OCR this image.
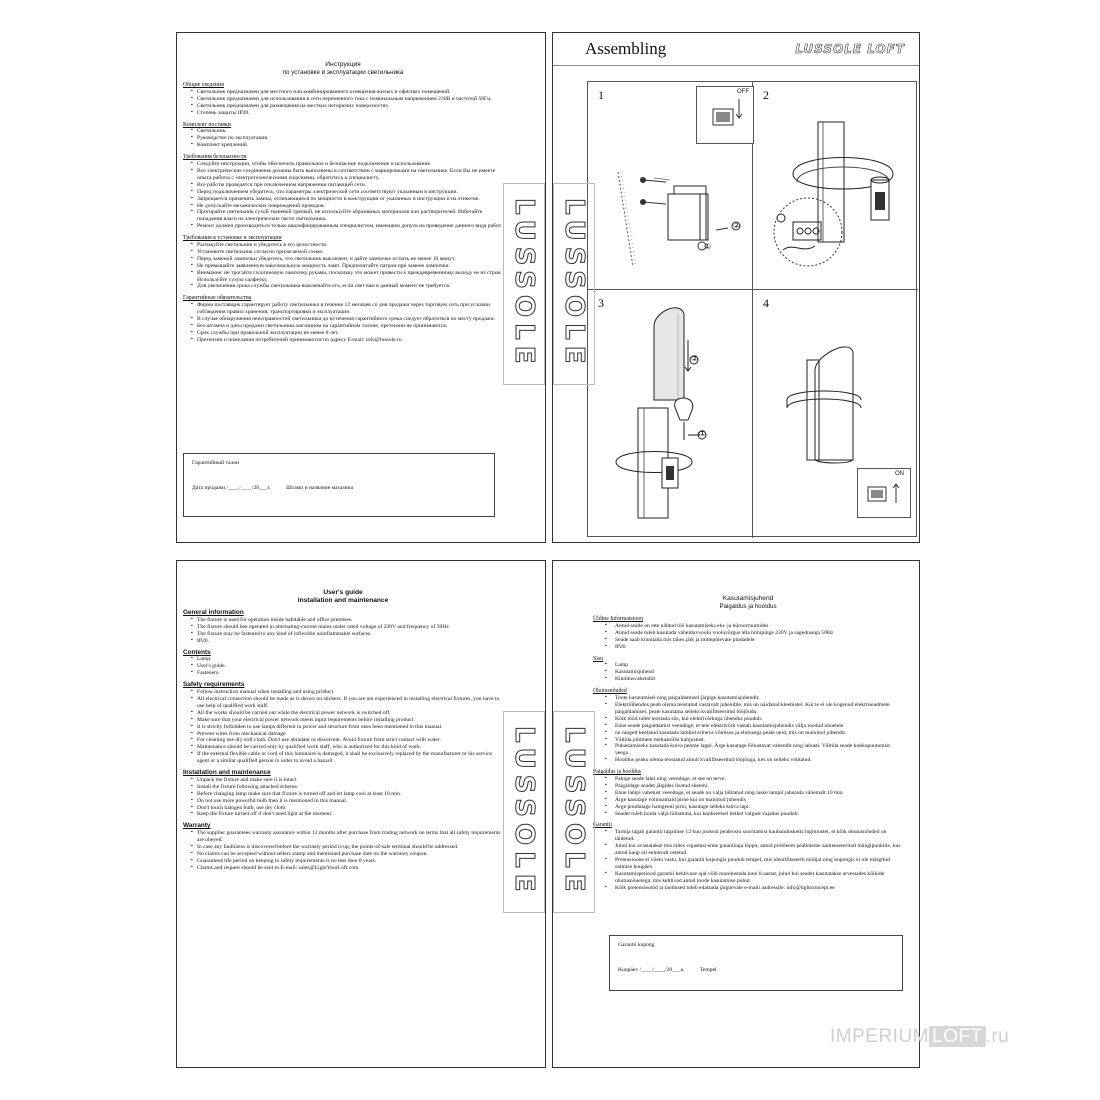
Инструкция
по установке и эксплуатации светильника
Общие сведения
▪ Светильник предназначен для местного или комбинированного освещения жилых и офисных помещений.
▪ Светильник предназначен для использования в сети переменного тока с номинальным напряжением 230В и частотой 50Гц.
▪ Светильник предназначен для размещения на жестких негорючих поверхностях.
▪ Степень защиты IP20.
Комплект поставки
▪ Светильник.
▪ Руководство по эксплуатации.
▪ Комплект креплений.
Требования безопасности
▪ Следуйте инструкции, чтобы обеспечить правильное и безопасное подключение и использование.
▪ Все электрические соединения должны быть выполнены в соответствии с маркировками на светильнике. Если Вы не имеете опыта работы с электротехническими изделиями, обратитесь к специалисту.
▪ Все работы проводятся при отключенном напряжении питающей сети.
▪ Перед подключением убедитесь, что параметры электрической сети соответствуют указанным в инструкции.
▪ Запрещается применять лампы, отличающиеся по мощности и конструкции от указанных в инструкции и на этикетке.
▪ Не допускайте механических повреждений проводов.
▪ Протирайте светильник сухой тканевой тряпкой, не используйте абразивных материалов или растворителей. Избегайте попадания влаги на электрические части светильника.
▪ Ремонт должен производиться только квалифицированным специалистом, имеющим допуск на проведение данного вида работ.
Требования к установке и эксплуатации
▪ Распакуйте светильник и убедитесь в его целостности.
▪ Установите светильник согласно прилагаемой схеме.
▪ Перед заменой лампочки убедитесь, что светильник выключен, и дайте лампочке остыть не менее 10 минут.
▪ Не превышайте заявленную максимальную мощность ламп. Предпочитайте патрон при замене лампочки.
▪ Внимание: не трогайте галогеновую лампочку руками, поскольку это может привести к преждевременному выходу ее из строя. Используйте сухую салфетку.
▪ Для увеличения срока службы светильника выключайте его, если свет вам в данный момент не требуется.
Гарантийные обязательства
▪ Фирма поставщик гарантирует работу светильника в течение 12 месяцев со дня продажи через торговую сеть при условии соблюдения правил хранения, транспортировки и эксплуатации.
▪ В случае обнаружения неисправностей светильника до истечения гарантийного срока следует обратиться по месту продажи.
▪ Без штампа и даты продажи светильника магазином на гарантийном талоне, претензии не принимаются.
▪ Срок службы при правильной эксплуатации не менее 8 лет.
▪ Претензии и пожелания потребителей принимаются по адресу E-mail: info@lussole.ru	LUSSOLE
Гарантийный талон
Дата продажи /____/____/20___г.	Штамп и название магазина
Assembling	LUSSOLE LOFT
1	OFF
②
①
2
3
②
①
4
ON
LUSSOLE
User's guide
Installation and maintenance
General information
▪ The fixture is used for operation inside habitable and office premises.
▪ The fixture should bee operated in alternating-current mains under rated voltage of 230V and frequency of 50Hz
▪ The fixture may be fastened to any kind of inflexible uninflammable surfaces.
▪ IP20.
Contents
▪ Lamp.
▪ User's guide.
▪ Fasteners.
Safety requirements
▪ Follow instruction manual when installing and using product.
▪ All electrical connection should be made as it shown on stickers. If you are not experienced in installing electrical fixtures, you have to use help of qualified work staff.
▪ All the works should be carried out while the electrical power network is switched off.
▪ Make sure that your electrical power network meets input requirements before installing product.
▪ It is strictly forbidden to use lamps different in power and structure from ones been mentioned in this manual.
▪ Prevent wires from mechanical damage.
▪ For cleaning use dry soft cloth. Don't use abradant or dissolvent. Avoid fixture from strict contact with water.
▪ Maintenance should be carried only by qualified work staff, who is authorized for this kind of work.
▪ If the external flexible cable or cord of this luminaire is damaged, it shall be exclusively replaced by the manufacturer or his service agent or a similar qualified person in order to avoid a hazard
Installation and maintenance
▪ Unpack the fixture and make sure it is intact.
▪ Install the fixture following attached scheme.
▪ Before changing lamp make sure that fixture is turned off and let lamp cool at least 10 min.
▪ Do not use more powerful bulb then it is mentioned in this manual.
▪ Don't touch halogen bulb, use dry cloth.
▪ Keep the fixture turned off if don't need light at the moment.
Warranty
▪ The supplier guarantees warranty assurance within 12 months after purchase from trading network on terms that all safety requirements are obeyed.
▪ In case any faultiness is discovered before the warranty period is up, the points-of-sale terminal should be addressed.
▪ No claims can be accepted without sellers stamp and mentioned purchase date on the warranty coupon.
▪ Guaranteed life period on keeping to safety requirements is no less then 8 years.
▪ Claims and request should be sent to E-mail: sales@LightYourLoft.com	LUSSOLE
Kasutamisjuhend
Paigaldus ja hooldus
Üldine Informatsioon
▪ Antud seade on ette nähtud töö kasutamiseks elu- ja büroorruumides
▪ Antud seade tuleb kasutada vahelduvvoolu vooluvõrgus alla nimipinge 230V ja sagedusega 50Hz
▪ Seade saab kinnitada mis tahes jäik ja mittepõlevate pindadele
▪ IP20
Sisu
▪ Lamp
▪ Kasutamisjuhend
▪ Kinnitusvahendid
Ohutusnõuded
▪ Toote kasutamisel ning paigaldamisel järgige kasutamisjuhendit.
▪ Elektriühendus peab olema teostatud vastavalt juhendile, mis on näidatud kleebistel. Kui te ei ole kogenud elektriseadmete paigaldamisel, peate kasutama selleks kvalifitseeritud tööjõudu.
▪ Kõik tööd tuleb teostada siis, kui elektrivõrkuga ühendus puudub.
▪ Enne seade paigaldamist veenduge, et teie elektrivõrk vastab kasutamisjuhendis välja toodud nõuetele
▪ on rangelt keelatud kasutada lambid erineva võimsus ja ehitusega peale neid, mis on mainitud juhendis
▪ Vältida juhtmete mehaanilist kahjustust.
▪ Puhastamiseks kasutada kuiva pehme lappi. Ärge kasutage lõhustavat vahendit ning lahusti. Vältida seade kokkupuutumist veega .
▪ Hooldus peaks olema teostatud ainult kvalifitseeritud tööjõuga, kes on selleks volitatud.
Paigaldus ja hooldus
▪ Pakige seade lahti ning veenduge, et see on terve.
▪ Paigaldage seadet jälgides lisatud skeemi.
▪ Enne lampi vahetust veenduge, et seade on välja lülitatud ning laske lampil jahutada vähemalt 10 min
▪ Ärge kasutage võimsamaid pirne kui on mainitud juhendis
▪ Ärge puudutage halogeeni pirni, kasutage selleks kuiva lapi.
▪ Seadet tuleb hoida välja lülitatuna, kui konkreetsel hetkel valgust vajadus puudub.
Garantii
▪ Tarnija tagab garantii tagamise 12 kuu jooksul pealeostu sooritamist kaubandusketis/ingimustel, et kõik ohutusnõuded on täidetud.
▪ Juhul kui avastatakse mis tahes vigastusi enne garantiiaja lõppu, antud probleem peaboleme aadressereritud müügipunktile, kus antud kaup oli eelnevalt ostetud.
▪ Pretensioone ei võeta vastu, kui garantii kupongis puudub tempel, mis identifitseerib müüjat ning kupongis ei ole märgitud ostmise kuupäev.
▪ Kasutamisperiood garantii kehtivuse ajal võib moodustada kuni 8 aastat, juhul kui seadet kasutatakse arvestades kõikide ohutusnõuetega, mis kehtivad antud toode kasutamise puhul.
▪ Kõik pretensioonid ja taotlused tuleb edastada järgnevale e-maili aadressile: info@lightconcept.ee
LUSSOLE
Garantii kupong
Kuupäev /____/____/20___a.	Tempel
IMPERIUM LOFT .ru
